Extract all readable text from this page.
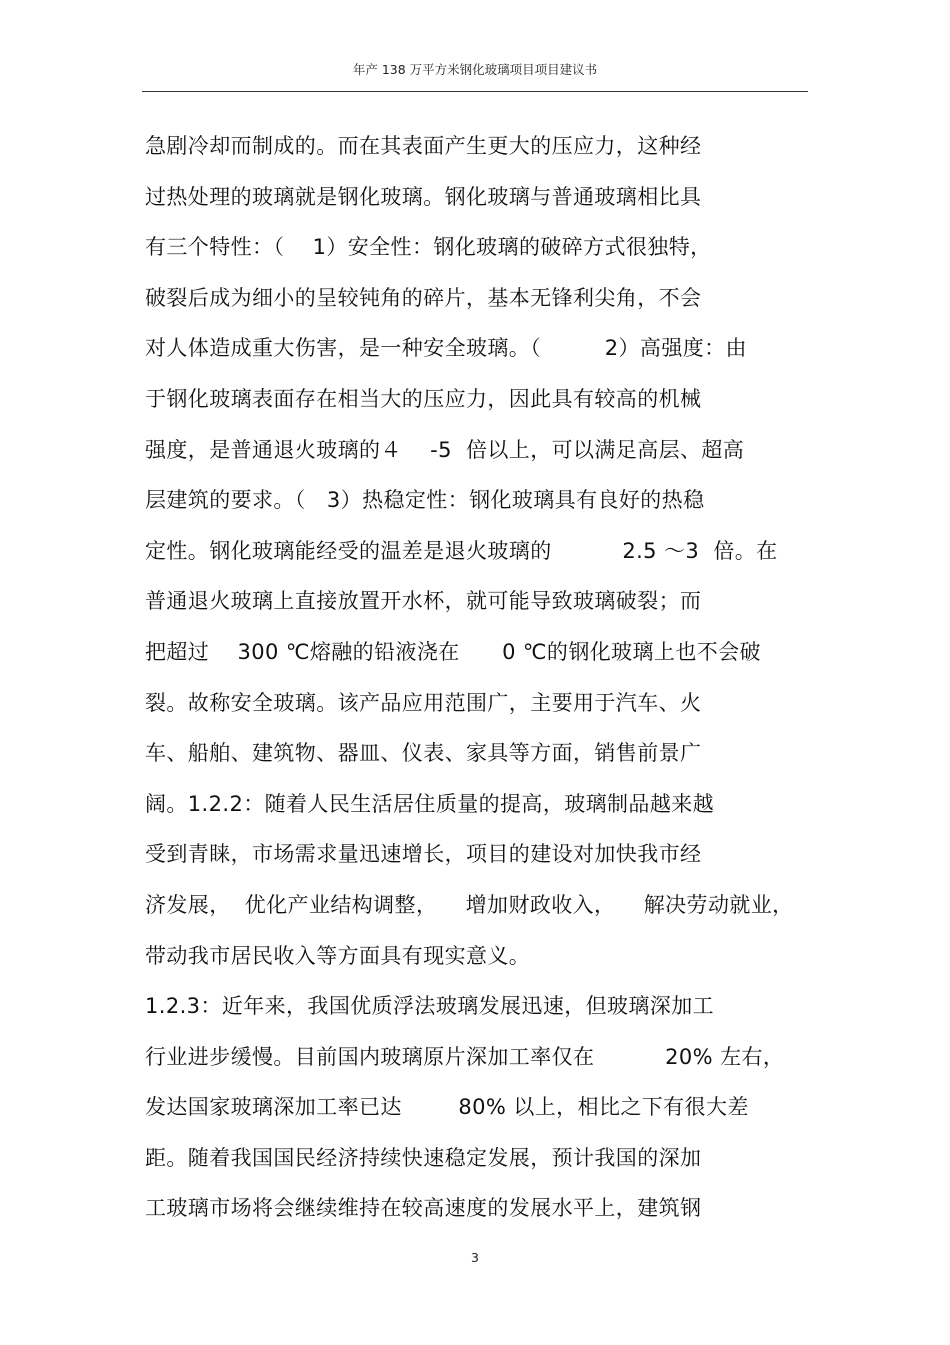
年产 138 万平方米钢化玻璃项目项目建议书
急剧冷却而制成的。而在其表面产生更大的压应力，这种经
过热处理的玻璃就是钢化玻璃。钢化玻璃与普通玻璃相比具
有三个特性：（    1）安全性：钢化玻璃的破碎方式很独特，
破裂后成为细小的呈较钝角的碎片，基本无锋利尖角，不会
对人体造成重大伤害，是一种安全玻璃。（         2）高强度：由
于钢化玻璃表面存在相当大的压应力，因此具有较高的机械
强度，是普通退火玻璃的４    -5  倍以上，可以满足高层、超高
层建筑的要求。（   3）热稳定性：钢化玻璃具有良好的热稳
定性。钢化玻璃能经受的温差是退火玻璃的          2.5 ～3  倍。在
普通退火玻璃上直接放置开水杯，就可能导致玻璃破裂；而
把超过    300 ℃熔融的铅液浇在      0 ℃的钢化玻璃上也不会破
裂。故称安全玻璃。该产品应用范围广，主要用于汽车、火
车、船舶、建筑物、器皿、仪表、家具等方面，销售前景广
阔。1.2.2：随着人民生活居住质量的提高，玻璃制品越来越
受到青睐，市场需求量迅速增长，项目的建设对加快我市经
济发展，  优化产业结构调整，    增加财政收入，    解决劳动就业，
带动我市居民收入等方面具有现实意义。
1.2.3：近年来，我国优质浮法玻璃发展迅速，但玻璃深加工
行业进步缓慢。目前国内玻璃原片深加工率仅在          20% 左右，
发达国家玻璃深加工率已达        80% 以上，相比之下有很大差
距。随着我国国民经济持续快速稳定发展，预计我国的深加
工玻璃市场将会继续维持在较高速度的发展水平上，建筑钢
3
